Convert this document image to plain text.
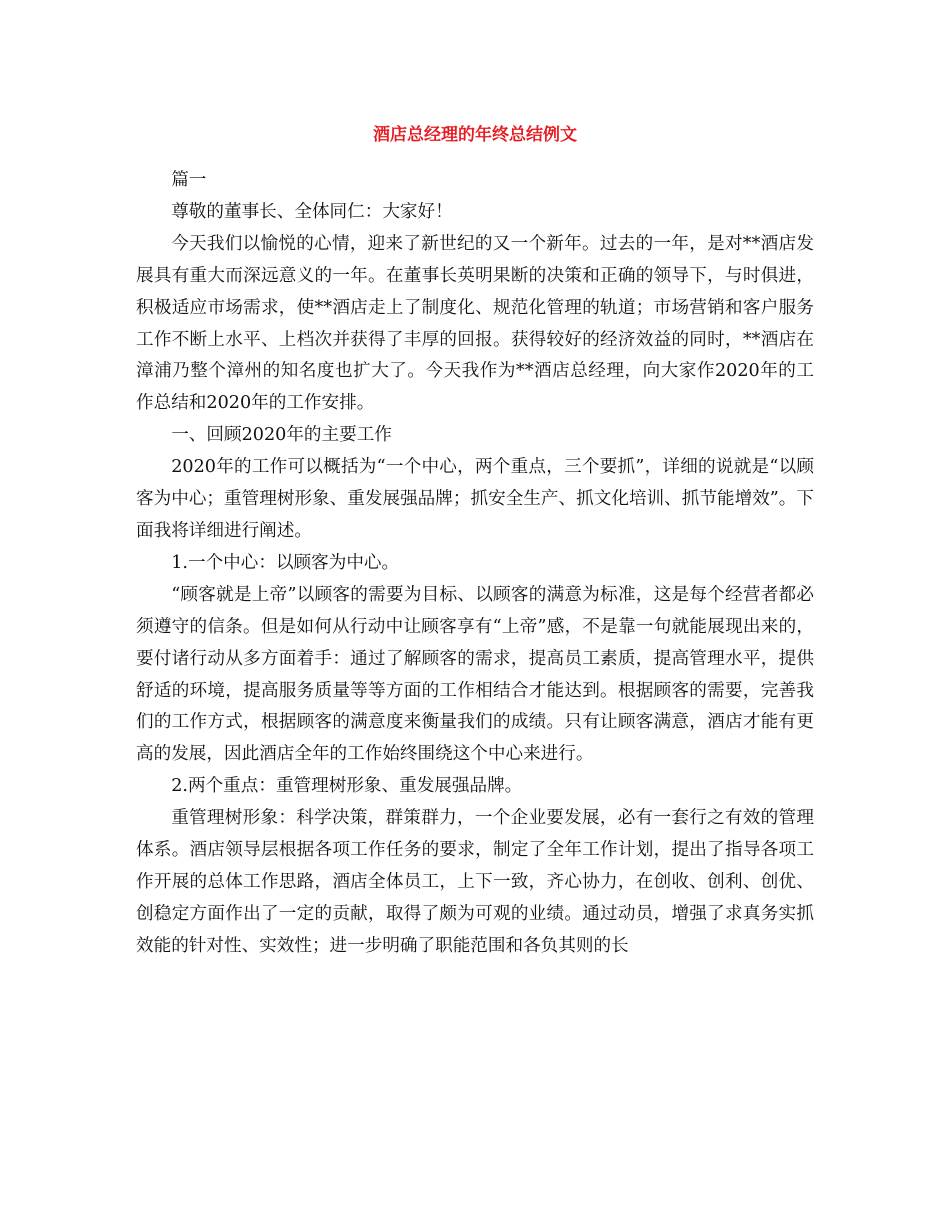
酒店总经理的年终总结例文

篇一

尊敬的董事长、全体同仁：大家好！

今天我们以愉悦的心情，迎来了新世纪的又一个新年。过去的一年，是对**酒店发展具有重大而深远意义的一年。在董事长英明果断的决策和正确的领导下，与时俱进，积极适应市场需求，使**酒店走上了制度化、规范化管理的轨道；市场营销和客户服务工作不断上水平、上档次并获得了丰厚的回报。获得较好的经济效益的同时，**酒店在漳浦乃整个漳州的知名度也扩大了。今天我作为**酒店总经理，向大家作2020年的工作总结和2020年的工作安排。

一、回顾2020年的主要工作

2020年的工作可以概括为“一个中心，两个重点，三个要抓”，详细的说就是“以顾客为中心；重管理树形象、重发展强品牌；抓安全生产、抓文化培训、抓节能增效”。下面我将详细进行阐述。

1.一个中心：以顾客为中心。

“顾客就是上帝”以顾客的需要为目标、以顾客的满意为标准，这是每个经营者都必须遵守的信条。但是如何从行动中让顾客享有“上帝”感，不是靠一句就能展现出来的，要付诸行动从多方面着手：通过了解顾客的需求，提高员工素质，提高管理水平，提供舒适的环境，提高服务质量等等方面的工作相结合才能达到。根据顾客的需要，完善我们的工作方式，根据顾客的满意度来衡量我们的成绩。只有让顾客满意，酒店才能有更高的发展，因此酒店全年的工作始终围绕这个中心来进行。

2.两个重点：重管理树形象、重发展强品牌。

重管理树形象：科学决策，群策群力，一个企业要发展，必有一套行之有效的管理体系。酒店领导层根据各项工作任务的要求，制定了全年工作计划，提出了指导各项工作开展的总体工作思路，酒店全体员工，上下一致，齐心协力，在创收、创利、创优、创稳定方面作出了一定的贡献，取得了颇为可观的业绩。通过动员，增强了求真务实抓效能的针对性、实效性；进一步明确了职能范围和各负其则的长
